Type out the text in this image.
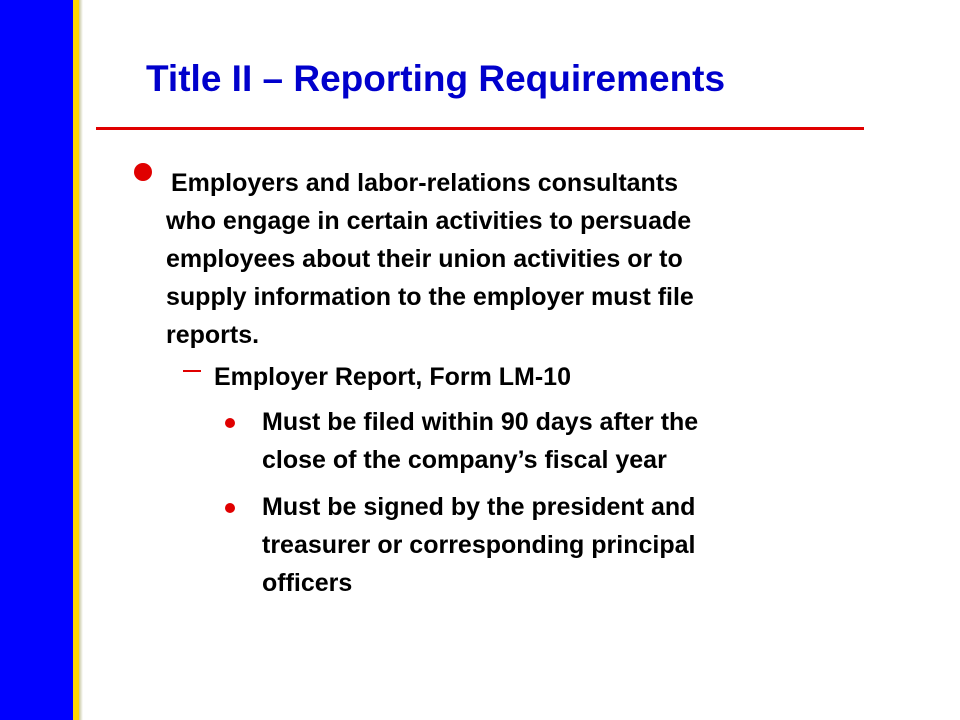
Title II – Reporting Requirements
Employers and labor-relations consultants
who engage in certain activities to persuade
employees about their union activities or to
supply information to the employer must file
reports.
Employer Report, Form LM-10
Must be filed within 90 days after the
close of the company’s fiscal year
Must be signed by the president and
treasurer or corresponding principal
officers
